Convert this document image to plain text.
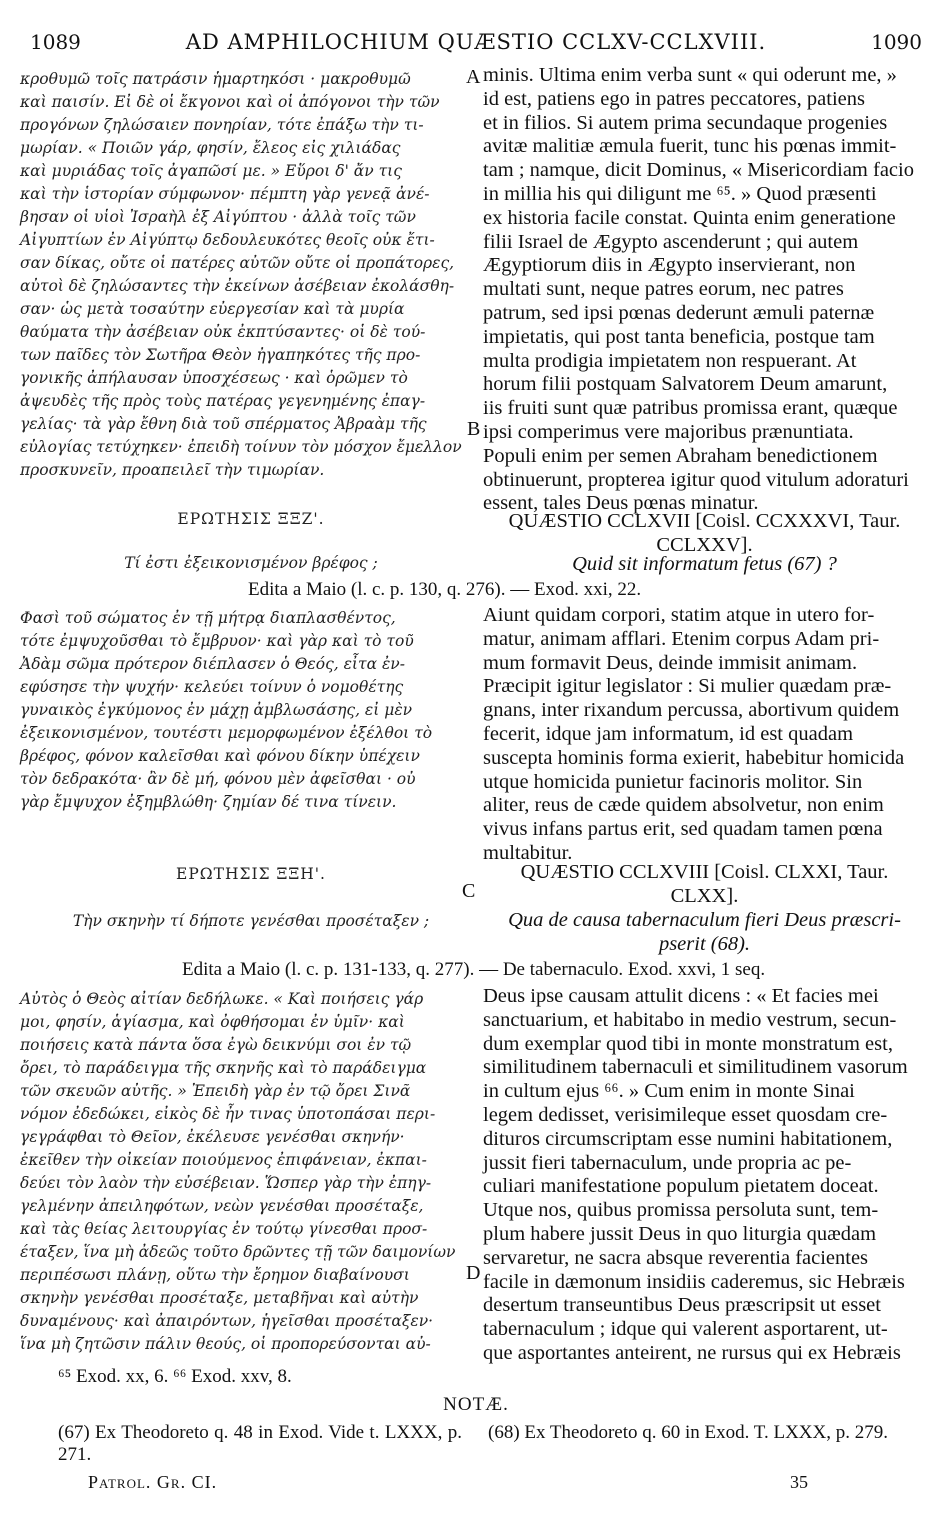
1089	AD AMPHILOCHIUM QUÆSTIO CCLXV-CCLXVIII.	1090

κροθυμῶ τοῖς πατράσιν ἡμαρτηκόσι · μακροθυμῶ

καὶ παισίν. Εἰ δὲ οἱ ἔκγονοι καὶ οἱ ἀπόγονοι τὴν τῶν

προγόνων ζηλώσαιεν πονηρίαν, τότε ἐπάξω τὴν τι-

μωρίαν. « Ποιῶν γάρ, φησίν, ἔλεος εἰς χιλιάδας

καὶ μυριάδας τοῖς ἀγαπῶσί με. » Εὕροι δ' ἄν τις

καὶ τὴν ἱστορίαν σύμφωνον· πέμπτη γὰρ γενεᾷ ἀνέ-

βησαν οἱ υἱοὶ Ἰσραὴλ ἐξ Αἰγύπτου · ἀλλὰ τοῖς τῶν

Αἰγυπτίων ἐν Αἰγύπτῳ δεδουλευκότες θεοῖς οὐκ ἔτι-

σαν δίκας, οὔτε οἱ πατέρες αὐτῶν οὔτε οἱ προπάτορες,

αὐτοὶ δὲ ζηλώσαντες τὴν ἐκείνων ἀσέβειαν ἐκολάσθη-

σαν· ὡς μετὰ τοσαύτην εὐεργεσίαν καὶ τὰ μυρία

θαύματα τὴν ἀσέβειαν οὐκ ἐκπτύσαντες· οἱ δὲ τού-

των παῖδες τὸν Σωτῆρα Θεὸν ἠγαπηκότες τῆς προ-

γονικῆς ἀπήλαυσαν ὑποσχέσεως · καὶ ὁρῶμεν τὸ

ἀψευδὲς τῆς πρὸς τοὺς πατέρας γεγενημένης ἐπαγ-

γελίας· τὰ γὰρ ἔθνη διὰ τοῦ σπέρματος Ἀβραὰμ τῆς

εὐλογίας τετύχηκεν· ἐπειδὴ τοίνυν τὸν μόσχον ἔμελλον

προσκυνεῖν, προαπειλεῖ τὴν τιμωρίαν.

minis. Ultima enim verba sunt « qui oderunt me, »

id est, patiens ego in patres peccatores, patiens

et in filios. Si autem prima secundaque progenies

avitæ malitiæ æmula fuerit, tunc his pœnas immit-

tam ; namque, dicit Dominus, « Misericordiam facio

in millia his qui diligunt me ⁶⁵. » Quod præsenti

ex historia facile constat. Quinta enim generatione

filii Israel de Ægypto ascenderunt ; qui autem

Ægyptiorum diis in Ægypto inservierant, non

multati sunt, neque patres eorum, nec patres

patrum, sed ipsi pœnas dederunt æmuli paternæ

impietatis, qui post tanta beneficia, postque tam

multa prodigia impietatem non respuerant. At

horum filii postquam Salvatorem Deum amarunt,

iis fruiti sunt quæ patribus promissa erant, quæque

ipsi comperimus vere majoribus prænuntiata.

Populi enim per semen Abraham benedictionem

obtinuerunt, propterea igitur quod vitulum adoraturi

essent, tales Deus pœnas minatur.

A
B
C
D
ΕΡΩΤΗΣΙΣ ΞΞΖ'.	QUÆSTIO CCLXVII [Coisl. CCXXXVI, Taur.
CCLXXV].
Τί ἐστι ἐξεικονισμένον βρέφος ;	Quid sit informatum fetus (67) ?
Edita a Maio (l. c. p. 130, q. 276). — Exod. xxi, 22.

Φασὶ τοῦ σώματος ἐν τῇ μήτρᾳ διαπλασθέντος,

τότε ἐμψυχοῦσθαι τὸ ἔμβρυον· καὶ γὰρ καὶ τὸ τοῦ

Ἀδὰμ σῶμα πρότερον διέπλασεν ὁ Θεός, εἶτα ἐν-

εφύσησε τὴν ψυχήν· κελεύει τοίνυν ὁ νομοθέτης

γυναικὸς ἐγκύμονος ἐν μάχῃ ἀμβλωσάσης, εἰ μὲν

ἐξεικονισμένον, τουτέστι μεμορφωμένον ἐξέλθοι τὸ

βρέφος, φόνον καλεῖσθαι καὶ φόνου δίκην ὑπέχειν

τὸν δεδρακότα· ἂν δὲ μή, φόνου μὲν ἀφεῖσθαι · οὐ

γὰρ ἔμψυχον ἐξημβλώθη· ζημίαν δέ τινα τίνειν.

Aiunt quidam corpori, statim atque in utero for-

matur, animam afflari. Etenim corpus Adam pri-

mum formavit Deus, deinde immisit animam.

Præcipit igitur legislator : Si mulier quædam præ-

gnans, inter rixandum percussa, abortivum quidem

fecerit, idque jam informatum, id est quadam

suscepta hominis forma exierit, habebitur homicida

utque homicida punietur facinoris molitor. Sin

aliter, reus de cæde quidem absolvetur, non enim

vivus infans partus erit, sed quadam tamen pœna

multabitur.

ΕΡΩΤΗΣΙΣ ΞΞΗ'.	QUÆSTIO CCLXVIII [Coisl. CLXXI, Taur.
CLXX].
Τὴν σκηνὴν τί δήποτε γενέσθαι προσέταξεν ;	Qua de causa tabernaculum fieri Deus præscri-
pserit (68).
Edita a Maio (l. c. p. 131-133, q. 277). — De tabernaculo. Exod. xxvi, 1 seq.

Αὐτὸς ὁ Θεὸς αἰτίαν δεδήλωκε. « Καὶ ποιήσεις γάρ

μοι, φησίν, ἁγίασμα, καὶ ὀφθήσομαι ἐν ὑμῖν· καὶ

ποιήσεις κατὰ πάντα ὅσα ἐγὼ δεικνύμι σοι ἐν τῷ

ὄρει, τὸ παράδειγμα τῆς σκηνῆς καὶ τὸ παράδειγμα

τῶν σκευῶν αὐτῆς. » Ἐπειδὴ γὰρ ἐν τῷ ὄρει Σινᾶ

νόμον ἐδεδώκει, εἰκὸς δὲ ἦν τινας ὑποτοπάσαι περι-

γεγράφθαι τὸ Θεῖον, ἐκέλευσε γενέσθαι σκηνήν·

ἐκεῖθεν τὴν οἰκείαν ποιούμενος ἐπιφάνειαν, ἐκπαι-

δεύει τὸν λαὸν τὴν εὐσέβειαν. Ὥσπερ γὰρ τὴν ἐπηγ-

γελμένην ἀπειληφότων, νεὼν γενέσθαι προσέταξε,

καὶ τὰς θείας λειτουργίας ἐν τούτῳ γίνεσθαι προσ-

έταξεν, ἵνα μὴ ἀδεῶς τοῦτο δρῶντες τῇ τῶν δαιμονίων

περιπέσωσι πλάνῃ, οὕτω τὴν ἔρημον διαβαίνουσι

σκηνὴν γενέσθαι προσέταξε, μεταβῆναι καὶ αὐτὴν

δυναμένους· καὶ ἀπαιρόντων, ἡγεῖσθαι προσέταξεν·

ἵνα μὴ ζητῶσιν πάλιν θεούς, οἱ προπορεύσονται αὐ-

Deus ipse causam attulit dicens : « Et facies mei

sanctuarium, et habitabo in medio vestrum, secun-

dum exemplar quod tibi in monte monstratum est,

similitudinem tabernaculi et similitudinem vasorum

in cultum ejus ⁶⁶. » Cum enim in monte Sinai

legem dedisset, verisimileque esset quosdam cre-

dituros circumscriptam esse numini habitationem,

jussit fieri tabernaculum, unde propria ac pe-

culiari manifestatione populum pietatem doceat.

Utque nos, quibus promissa persoluta sunt, tem-

plum habere jussit Deus in quo liturgia quædam

servaretur, ne sacra absque reverentia facientes

facile in dæmonum insidiis caderemus, sic Hebræis

desertum transeuntibus Deus præscripsit ut esset

tabernaculum ; idque qui valerent asportarent, ut-

que asportantes anteirent, ne rursus qui ex Hebræis

⁶⁵ Exod. xx, 6. ⁶⁶ Exod. xxv, 8.
NOTÆ.
(67) Ex Theodoreto q. 48 in Exod. Vide t. LXXX, p. 271.
(68) Ex Theodoreto q. 60 in Exod. T. LXXX, p. 279.
Patrol. Gr. CI.	35
